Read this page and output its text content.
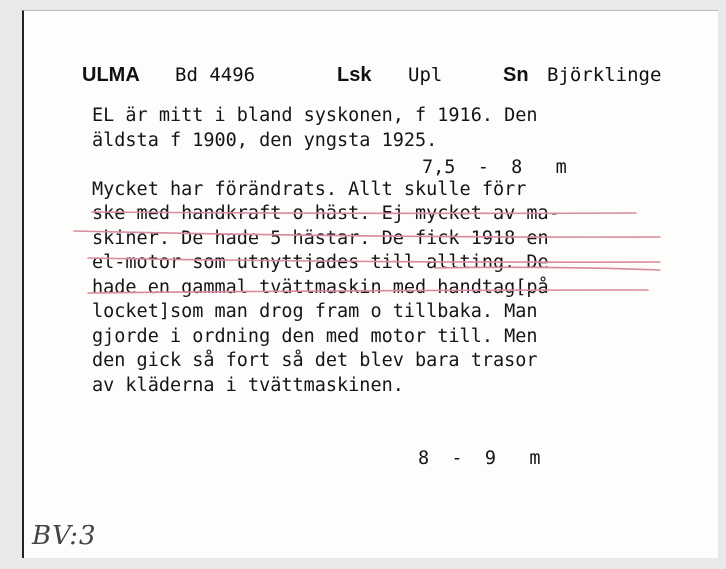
ULMA Bd 4496	Lsk Upl	Sn Björklinge
EL är mitt i bland syskonen, f 1916. Den
äldsta f 1900, den yngsta 1925.
Mycket har förändrats. Allt skulle förr
ske med handkraft o häst. Ej mycket av ma-
skiner. De hade 5 hästar. De fick 1918 en
el-motor som utnyttjades till allting. De
hade en gammal tvättmaskin med handtag[på
locket]som man drog fram o tillbaka. Man
gjorde i ordning den med motor till. Men
den gick så fort så det blev bara trasor
av kläderna i tvättmaskinen.
7,5  -  8   m
8  -  9   m
BV:3
